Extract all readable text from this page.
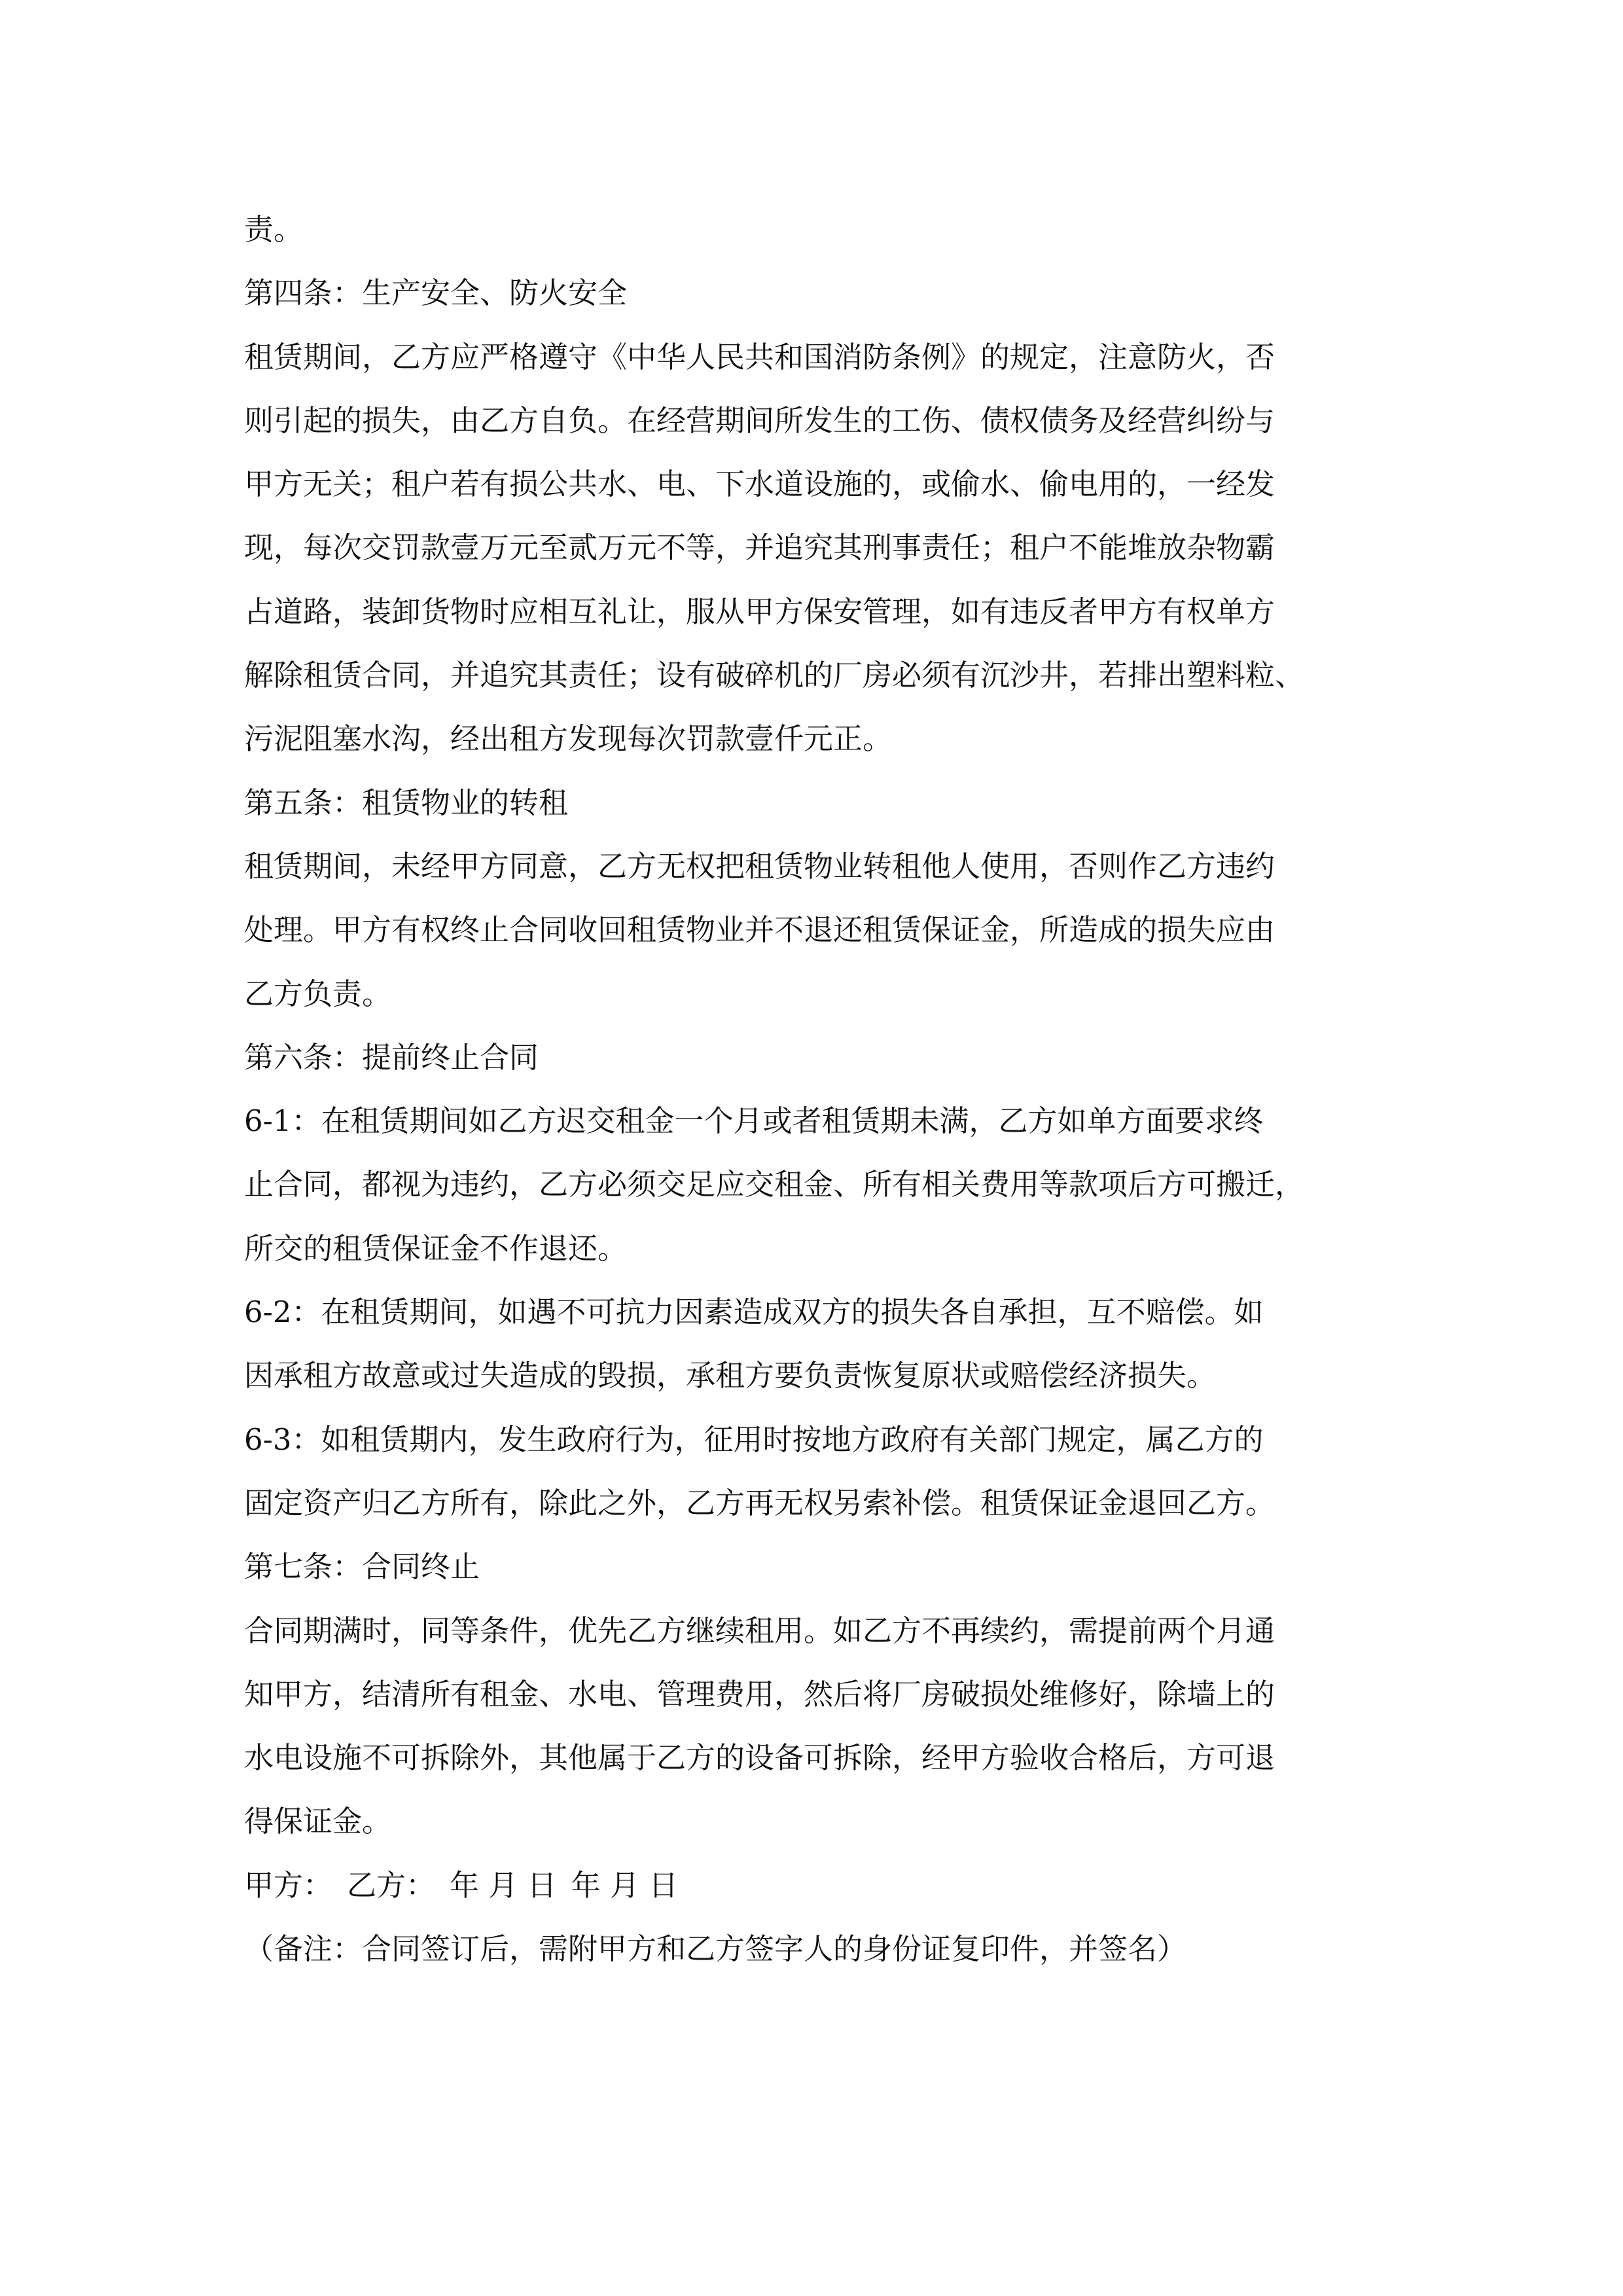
责。
第四条：生产安全、防火安全
租赁期间，乙方应严格遵守《中华人民共和国消防条例》的规定，注意防火，否
则引起的损失，由乙方自负。在经营期间所发生的工伤、债权债务及经营纠纷与
甲方无关；租户若有损公共水、电、下水道设施的，或偷水、偷电用的，一经发
现，每次交罚款壹万元至贰万元不等，并追究其刑事责任；租户不能堆放杂物霸
占道路，装卸货物时应相互礼让，服从甲方保安管理，如有违反者甲方有权单方
解除租赁合同，并追究其责任；设有破碎机的厂房必须有沉沙井，若排出塑料粒、
污泥阻塞水沟，经出租方发现每次罚款壹仟元正。
第五条：租赁物业的转租
租赁期间，未经甲方同意，乙方无权把租赁物业转租他人使用，否则作乙方违约
处理。甲方有权终止合同收回租赁物业并不退还租赁保证金，所造成的损失应由
乙方负责。
第六条：提前终止合同
6-1：在租赁期间如乙方迟交租金一个月或者租赁期未满，乙方如单方面要求终
止合同，都视为违约，乙方必须交足应交租金、所有相关费用等款项后方可搬迁，
所交的租赁保证金不作退还。
6-2：在租赁期间，如遇不可抗力因素造成双方的损失各自承担，互不赔偿。如
因承租方故意或过失造成的毁损，承租方要负责恢复原状或赔偿经济损失。
6-3：如租赁期内，发生政府行为，征用时按地方政府有关部门规定，属乙方的
固定资产归乙方所有，除此之外，乙方再无权另索补偿。租赁保证金退回乙方。
第七条：合同终止
合同期满时，同等条件，优先乙方继续租用。如乙方不再续约，需提前两个月通
知甲方，结清所有租金、水电、管理费用，然后将厂房破损处维修好，除墙上的
水电设施不可拆除外，其他属于乙方的设备可拆除，经甲方验收合格后，方可退
得保证金。
甲方： 乙方： 年 月 日 年 月 日
（备注：合同签订后，需附甲方和乙方签字人的身份证复印件，并签名）
